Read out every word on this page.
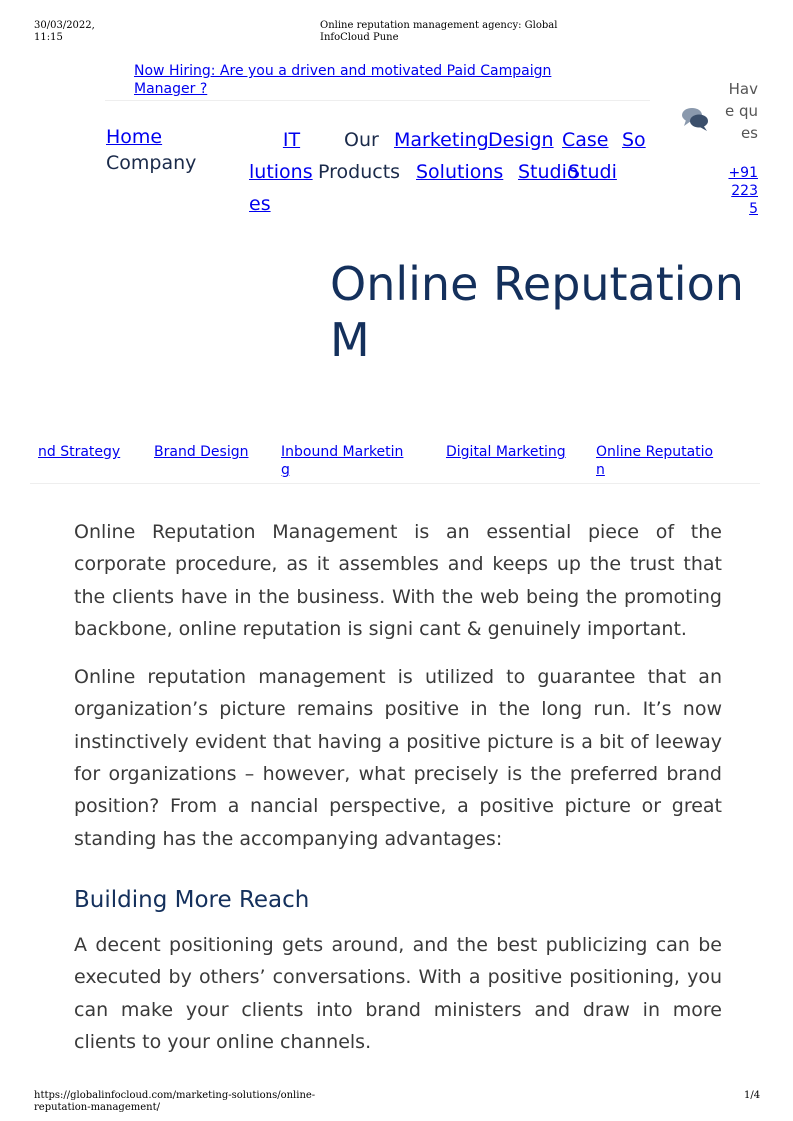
30/03/2022, 11:15
Online reputation management agency: Global InfoCloud Pune
Now Hiring: Are you a driven and motivated Paid Campaign Manager ?
Home
Company
IT
lutions
es
Our
Products
Marketing
Solutions
Design
Studio
Case
Studi
So
Have ques
+91 2235
Online Reputation M
nd Strategy	Brand Design	Inbound Marketing
Digital Marketing Online Reputation

Online Reputation Management is an essential piece of the corporate procedure, as it assembles and keeps up the trust that the clients have in the business. With the web being the promoting backbone, online reputation is signi cant & genuinely important.

Online reputation management is utilized to guarantee that an organization’s picture remains positive in the long run. It’s now instinctively evident that having a positive picture is a bit of leeway for organizations – however, what precisely is the preferred brand position? From a nancial perspective, a positive picture or great standing has the accompanying advantages:

Building More Reach

A decent positioning gets around, and the best publicizing can be executed by others’ conversations. With a positive positioning, you can make your clients into brand ministers and draw in more clients to your online channels.

https://globalinfocloud.com/marketing-solutions/online-reputation-management/
1/4
